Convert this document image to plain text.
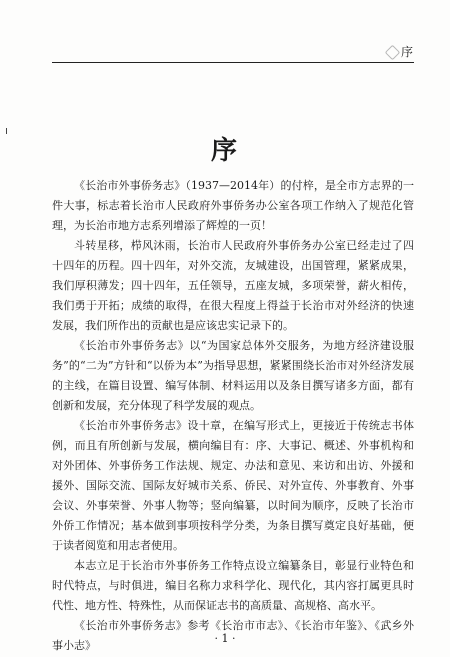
序
序

《长治市外事侨务志》（1937—2014年）的付梓，是全市方志界的一件大事，标志着长治市人民政府外事侨务办公室各项工作纳入了规范化管理，为长治市地方志系列增添了辉煌的一页！

斗转星移，栉风沐雨，长治市人民政府外事侨务办公室已经走过了四十四年的历程。四十四年，对外交流，友城建设，出国管理，紧紧成果，我们厚积薄发；四十四年，五任领导，五座友城，多项荣誉，薪火相传，我们勇于开拓；成绩的取得，在很大程度上得益于长治市对外经济的快速发展，我们所作出的贡献也是应该忠实记录下的。

《长治市外事侨务志》以“为国家总体外交服务，为地方经济建设服务”的“二为”方针和“以侨为本”为指导思想，紧紧围绕长治市对外经济发展的主线，在篇目设置、编写体制、材料运用以及条目撰写诸多方面，都有创新和发展，充分体现了科学发展的观点。

《长治市外事侨务志》设十章，在编写形式上，更接近于传统志书体例，而且有所创新与发展，横向编目有：序、大事记、概述、外事机构和对外团体、外事侨务工作法规、规定、办法和意见、来访和出访、外援和援外、国际交流、国际友好城市关系、侨民、对外宣传、外事教育、外事会议、外事荣誉、外事人物等；竖向编纂，以时间为顺序，反映了长治市外侨工作情况；基本做到事项按科学分类，为条目撰写奠定良好基础，便于读者阅览和用志者使用。

本志立足于长治市外事侨务工作特点设立编纂条目，彰显行业特色和时代特点，与时俱进，编目名称力求科学化、现代化，其内容打属更具时代性、地方性、特殊性，从而保证志书的高质量、高规格、高水平。

《长治市外事侨务志》参考《长治市市志》、《长治市年鉴》、《武乡外事小志》

· 1 ·
